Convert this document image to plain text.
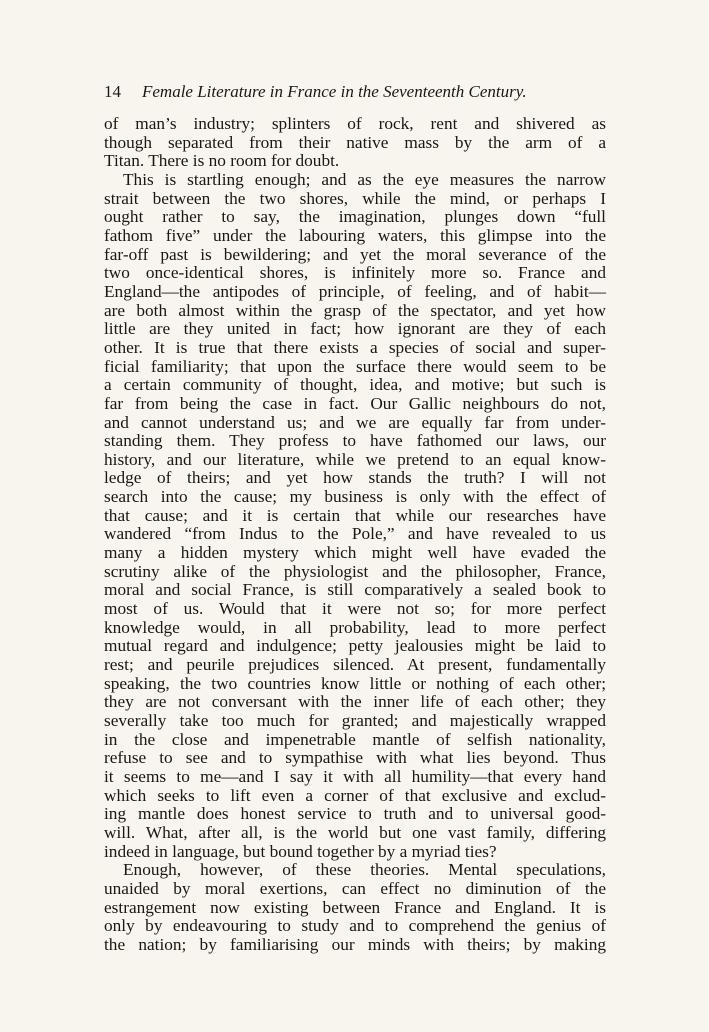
14 Female Literature in France in the Seventeenth Century.
of man’s industry; splinters of rock, rent and shivered as
though separated from their native mass by the arm of a
Titan. There is no room for doubt.
This is startling enough; and as the eye measures the narrow
strait between the two shores, while the mind, or perhaps I
ought rather to say, the imagination, plunges down “full
fathom five” under the labouring waters, this glimpse into the
far-off past is bewildering; and yet the moral severance of the
two once-identical shores, is infinitely more so. France and
England—the antipodes of principle, of feeling, and of habit—
are both almost within the grasp of the spectator, and yet how
little are they united in fact; how ignorant are they of each
other. It is true that there exists a species of social and super-
ficial familiarity; that upon the surface there would seem to be
a certain community of thought, idea, and motive; but such is
far from being the case in fact. Our Gallic neighbours do not,
and cannot understand us; and we are equally far from under-
standing them. They profess to have fathomed our laws, our
history, and our literature, while we pretend to an equal know-
ledge of theirs; and yet how stands the truth? I will not
search into the cause; my business is only with the effect of
that cause; and it is certain that while our researches have
wandered “from Indus to the Pole,” and have revealed to us
many a hidden mystery which might well have evaded the
scrutiny alike of the physiologist and the philosopher, France,
moral and social France, is still comparatively a sealed book to
most of us. Would that it were not so; for more perfect
knowledge would, in all probability, lead to more perfect
mutual regard and indulgence; petty jealousies might be laid to
rest; and peurile prejudices silenced. At present, fundamentally
speaking, the two countries know little or nothing of each other;
they are not conversant with the inner life of each other; they
severally take too much for granted; and majestically wrapped
in the close and impenetrable mantle of selfish nationality,
refuse to see and to sympathise with what lies beyond. Thus
it seems to me—and I say it with all humility—that every hand
which seeks to lift even a corner of that exclusive and exclud-
ing mantle does honest service to truth and to universal good-
will. What, after all, is the world but one vast family, differing
indeed in language, but bound together by a myriad ties?
Enough, however, of these theories. Mental speculations,
unaided by moral exertions, can effect no diminution of the
estrangement now existing between France and England. It is
only by endeavouring to study and to comprehend the genius of
the nation; by familiarising our minds with theirs; by making
